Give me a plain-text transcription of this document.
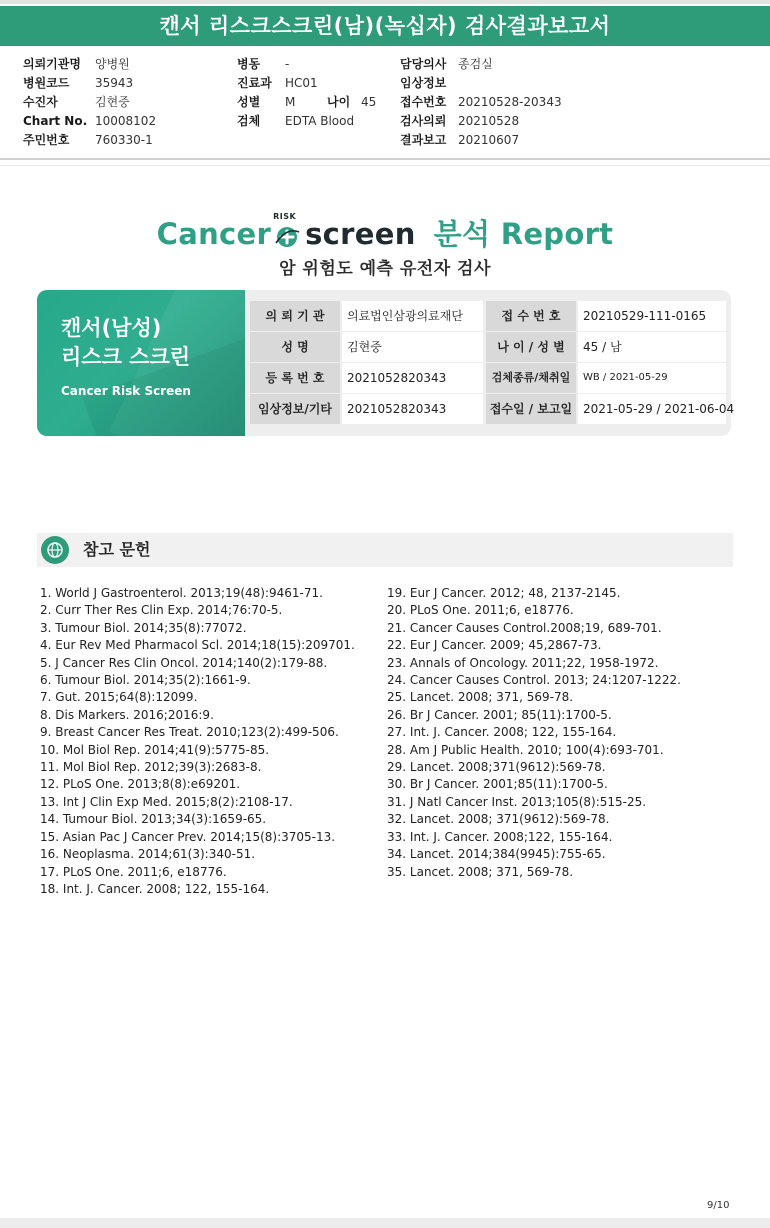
캔서 리스크스크린(남)(녹십자) 검사결과보고서
의뢰기관명 양병원
병원코드 35943
수진자	김현중
Chart No. 10008102
주민번호 760330-1
병동 -
진료과 HC01
성별 M	나이 45
검체 EDTA Blood
담당의사 종검실
임상정보
접수번호 20210528-20343
검사의뢰 20210528
결과보고 20210607
Cancer
RISK
screen 분석 Report
암 위험도 예측 유전자 검사
캔서(남성)
리스크 스크린
Cancer Risk Screen
의 뢰 기 관	의료법인삼광의료재단	접 수 번 호	20210529-111-0165
성 명	김현중	나 이 / 성 별	45 / 남
등 록 번 호	2021052820343	검체종류/채취일	WB / 2021-05-29
임상정보/기타	2021052820343	접수일 / 보고일 2021-05-29 / 2021-06-04
참고 문헌
1. World J Gastroenterol. 2013;19(48):9461-71.
2. Curr Ther Res Clin Exp. 2014;76:70-5.
3. Tumour Biol. 2014;35(8):77072.
4. Eur Rev Med Pharmacol Scl. 2014;18(15):209701.
5. J Cancer Res Clin Oncol. 2014;140(2):179-88.
6. Tumour Biol. 2014;35(2):1661-9.
7. Gut. 2015;64(8):12099.
8. Dis Markers. 2016;2016:9.
9. Breast Cancer Res Treat. 2010;123(2):499-506.
10. Mol Biol Rep. 2014;41(9):5775-85.
11. Mol Biol Rep. 2012;39(3):2683-8.
12. PLoS One. 2013;8(8):e69201.
13. Int J Clin Exp Med. 2015;8(2):2108-17.
14. Tumour Biol. 2013;34(3):1659-65.
15. Asian Pac J Cancer Prev. 2014;15(8):3705-13.
16. Neoplasma. 2014;61(3):340-51.
17. PLoS One. 2011;6, e18776.
18. Int. J. Cancer. 2008; 122, 155-164.
19. Eur J Cancer. 2012; 48, 2137-2145.
20. PLoS One. 2011;6, e18776.
21. Cancer Causes Control.2008;19, 689-701.
22. Eur J Cancer. 2009; 45,2867-73.
23. Annals of Oncology. 2011;22, 1958-1972.
24. Cancer Causes Control. 2013; 24:1207-1222.
25. Lancet. 2008; 371, 569-78.
26. Br J Cancer. 2001; 85(11):1700-5.
27. Int. J. Cancer. 2008; 122, 155-164.
28. Am J Public Health. 2010; 100(4):693-701.
29. Lancet. 2008;371(9612):569-78.
30. Br J Cancer. 2001;85(11):1700-5.
31. J Natl Cancer Inst. 2013;105(8):515-25.
32. Lancet. 2008; 371(9612):569-78.
33. Int. J. Cancer. 2008;122, 155-164.
34. Lancet. 2014;384(9945):755-65.
35. Lancet. 2008; 371, 569-78.
9/10
